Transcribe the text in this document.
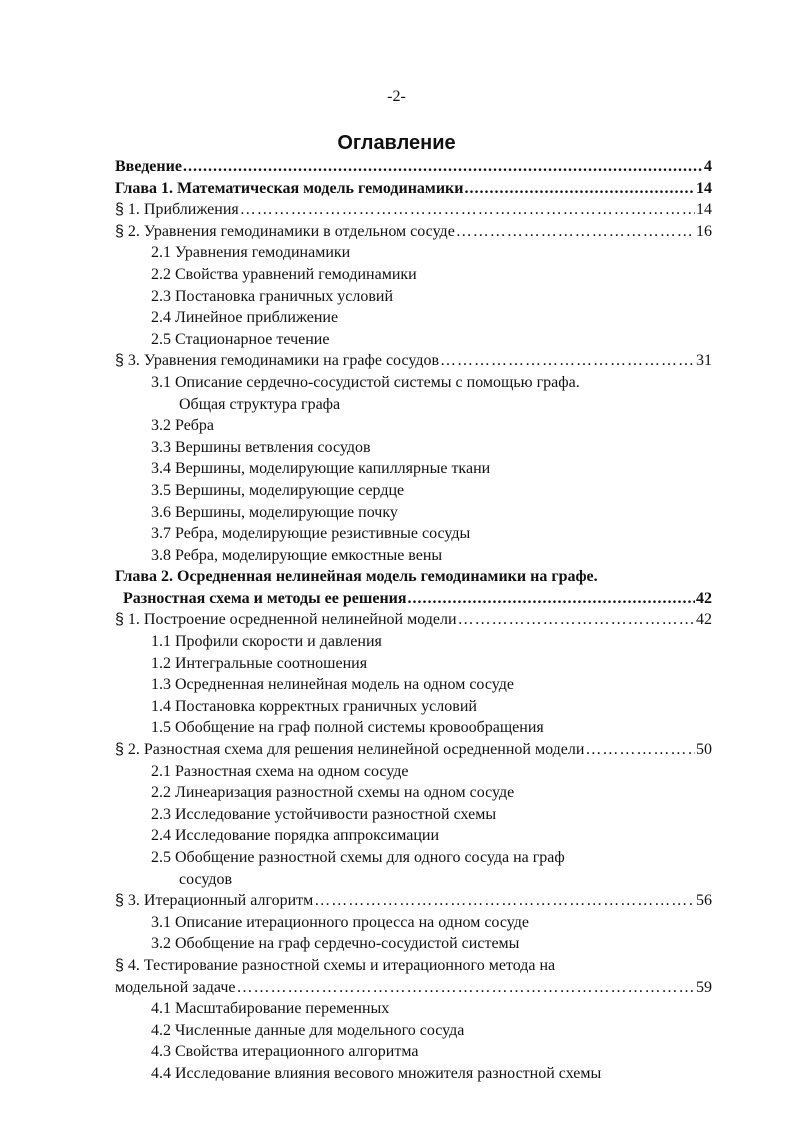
-2-
Оглавление
Введение .....	4
Глава 1. Математическая модель гемодинамики .....	14
§ 1. Приближения ………………………………………………………………………………………………………………………………………………………………………………………………………………	14
§ 2. Уравнения гемодинамики в отдельном сосуде ………………………………………………………………………………………………………………………………………………………………………………………………………………	16
2.1 Уравнения гемодинамики
2.2 Свойства уравнений гемодинамики
2.3 Постановка граничных условий
2.4 Линейное приближение
2.5 Стационарное течение
§ 3. Уравнения гемодинамики на графе сосудов ………………………………………………………………………………………………………………………………………………………………………………………………………………	31
3.1 Описание сердечно-сосудистой системы с помощью графа.
Общая структура графа
3.2 Ребра
3.3 Вершины ветвления сосудов
3.4 Вершины, моделирующие капиллярные ткани
3.5 Вершины, моделирующие сердце
3.6 Вершины, моделирующие почку
3.7 Ребра, моделирующие резистивные сосуды
3.8 Ребра, моделирующие емкостные вены
Глава 2. Осредненная нелинейная модель гемодинамики на графе.
Разностная схема и методы ее решения .....	42
§ 1. Построение осредненной нелинейной модели ………………………………………………………………………………………………………………………………………………………………………………………………………………	42
1.1 Профили скорости и давления
1.2 Интегральные соотношения
1.3 Осредненная нелинейная модель на одном сосуде
1.4 Постановка корректных граничных условий
1.5 Обобщение на граф полной системы кровообращения
§ 2. Разностная схема для решения нелинейной осредненной модели ………………………………………………………………………………………………………………………………………………………………………………………………………………	50
2.1 Разностная схема на одном сосуде
2.2 Линеаризация разностной схемы на одном сосуде
2.3 Исследование устойчивости разностной схемы
2.4 Исследование порядка аппроксимации
2.5 Обобщение разностной схемы для одного сосуда на граф
сосудов
§ 3. Итерационный алгоритм ………………………………………………………………………………………………………………………………………………………………………………………………………………	56
3.1 Описание итерационного процесса на одном сосуде
3.2 Обобщение на граф сердечно-сосудистой системы
§ 4. Тестирование разностной схемы и итерационного метода на
модельной задаче ………………………………………………………………………………………………………………………………………………………………………………………………………………	59
4.1 Масштабирование переменных
4.2 Численные данные для модельного сосуда
4.3 Свойства итерационного алгоритма
4.4 Исследование влияния весового множителя разностной схемы
